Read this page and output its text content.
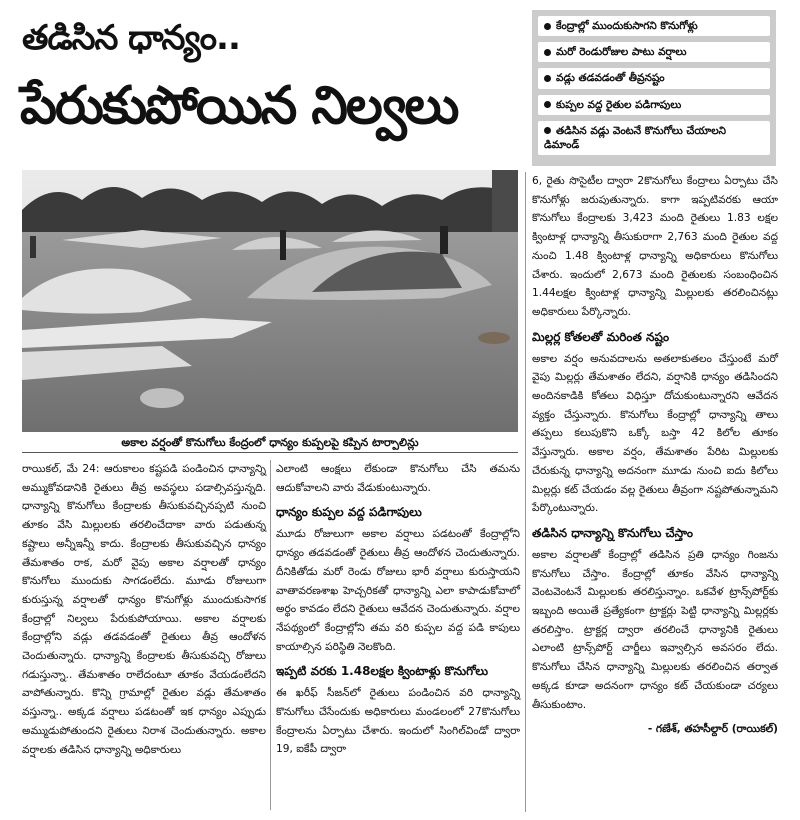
తడిసిన ధాన్యం..
పేరుకుపోయిన నిల్వలు
కేంద్రాల్లో ముందుకుసాగని కొనుగోళ్లు
మరో రెండురోజుల పాటు వర్షాలు
వడ్లు తడవడంతో తీవ్రనష్టం
కుప్పల వద్ద రైతుల పడిగాపులు
తడిసిన వడ్లు వెంటనే కొనుగోలు చేయాలని డిమాండ్
అకాల వర్షంతో కొనుగోలు కేంద్రంలో ధాన్యం కుప్పలపై కప్పిన టార్పాలిన్లు

రాయికల్, మే 24: ఆరుకాలం కష్టపడి పండించిన ధాన్యాన్ని అమ్ముకోవడానికి రైతులు తీవ్ర అవస్థలు పడాల్సివస్తున్నది. ధాన్యాన్ని కొనుగోలు కేంద్రాలకు తీసుకువచ్చినప్పటి నుంచి తూకం వేసి మిల్లులకు తరలించేదాకా వారు పడుతున్న కష్టాలు అన్నీఇన్నీ కాదు. కేంద్రాలకు తీసుకువచ్చిన ధాన్యం తేమశాతం రాక, మరో వైపు అకాల వర్షాలతో ధాన్యం కొనుగోలు ముందుకు సాగడంలేదు. మూడు రోజులుగా కురుస్తున్న వర్షాలతో ధాన్యం కొనుగోళ్లు ముందుకుసాగక కేంద్రాల్లో నిల్వలు పేరుకుపోయాయి. అకాల వర్షాలకు కేంద్రాల్లోని వడ్లు తడవడంతో రైతులు తీవ్ర ఆందోళన చెందుతున్నారు. ధాన్యాన్ని కేంద్రాలకు తీసుకువచ్చి రోజులు గడుస్తున్నా.. తేమశాతం రాలేదంటూ తూకం వేయడంలేదని వాపోతున్నారు. కొన్ని గ్రామాల్లో రైతుల వడ్లు తేమశాతం వస్తున్నా.. అక్కడ వర్షాలు పడటంతో ఇక ధాన్యం ఎప్పుడు అమ్ముడుపోతుందని రైతులు నిరాశ చెందుతున్నారు. అకాల వర్షాలకు తడిసిన ధాన్యాన్ని అధికారులు

ఎలాంటి ఆంక్షలు లేకుండా కొనుగోలు చేసి తమను ఆదుకోవాలని వారు వేడుకుంటున్నారు.

ధాన్యం కుప్పల వద్ద పడిగాపులు

మూడు రోజులుగా అకాల వర్షాలు పడటంతో కేంద్రాల్లోని ధాన్యం తడవడంతో రైతులు తీవ్ర ఆందోళన చెందుతున్నారు. దీనికితోడు మరో రెండు రోజులు భారీ వర్షాలు కురుస్తాయని వాతావరణశాఖ హెచ్చరికతో ధాన్యాన్ని ఎలా కాపాడుకోవాలో అర్థం కావడం లేదని రైతులు ఆవేదన చెందుతున్నారు. వర్షాల నేపథ్యంలో కేంద్రాల్లోని తమ వరి కుప్పల వద్ద పడి కాపులు కాయాల్సిన పరిస్థితి నెలకొంది.

ఇప్పటి వరకు 1.48లక్షల క్వింటాళ్లు కొనుగోలు

ఈ ఖరీఫ్ సీజన్‌లో రైతులు పండించిన వరి ధాన్యాన్ని కొనుగోలు చేసేందుకు అధికారులు మండలంలో 27కొనుగోలు కేంద్రాలను ఏర్పాటు చేశారు. ఇందులో సింగిల్‌విండో ద్వారా 19, ఐకేపీ ద్వారా

6, రైతు సొసైటీల ద్వారా 2కొనుగోలు కేంద్రాలు ఏర్పాటు చేసి కొనుగోళ్లు జరుపుతున్నారు. కాగా ఇప్పటివరకు ఆయా కొనుగోలు కేంద్రాలకు 3,423 మంది రైతులు 1.83 లక్షల క్వింటాళ్ల ధాన్యాన్ని తీసుకురాగా 2,763 మంది రైతుల వద్ద నుంచి 1.48 క్వింటాళ్ల ధాన్యాన్ని అధికారులు కొనుగోలు చేశారు. ఇందులో 2,673 మంది రైతులకు సంబంధించిన 1.44లక్షల క్వింటాళ్ల ధాన్యాన్ని మిల్లులకు తరలించినట్లు అధికారులు పేర్కొన్నారు.

మిల్లర్ల కోతలతో మరింత నష్టం

అకాల వర్షం అనువదాలను అతలాకుతలం చేస్తుంటే మరో వైపు మిల్లర్లు తేమశాతం లేదని, వర్షానికి ధాన్యం తడిసిందని అందినకాడికి కోతలు విధిస్తూ దోచుకుంటున్నారని ఆవేదన వ్యక్తం చేస్తున్నారు. కొనుగోలు కేంద్రాల్లో ధాన్యాన్ని తాలు తప్పలు కలుపుకొని ఒక్కో బస్తా 42 కిలోల తూకం వేస్తున్నారు. అకాల వర్షం, తేమశాతం పేరిట మిల్లులకు చేరుకున్న ధాన్యాన్ని అదనంగా మూడు నుంచి ఐదు కిలోలు మిల్లర్లు కట్ చేయడం వల్ల రైతులు తీవ్రంగా నష్టపోతున్నామని పేర్కొంటున్నారు.

తడిసిన ధాన్యాన్ని కొనుగోలు చేస్తాం

అకాల వర్షాలతో కేంద్రాల్లో తడిసిన ప్రతి ధాన్యం గింజను కొనుగోలు చేస్తాం. కేంద్రాల్లో తూకం వేసిన ధాన్యాన్ని వెంటవెంటనే మిల్లులకు తరలిస్తున్నాం. ఒకవేళ ట్రాన్స్‌పోర్ట్‌కు ఇబ్బంది అయితే ప్రత్యేకంగా ట్రాక్టర్లు పెట్టి ధాన్యాన్ని మిల్లర్లకు తరలిస్తాం. ట్రాక్టర్ల ద్వారా తరలించే ధాన్యానికి రైతులు ఎలాంటి ట్రాన్స్‌పోర్ట్ చార్జీలు ఇవ్వాల్సిన అవసరం లేదు. కొనుగోలు చేసిన ధాన్యాన్ని మిల్లులకు తరలించిన తర్వాత అక్కడ కూడా అదనంగా ధాన్యం కట్ చేయకుండా చర్యలు తీసుకుంటాం.

- గణేశ్, తహసీల్దార్ (రాయికల్)
